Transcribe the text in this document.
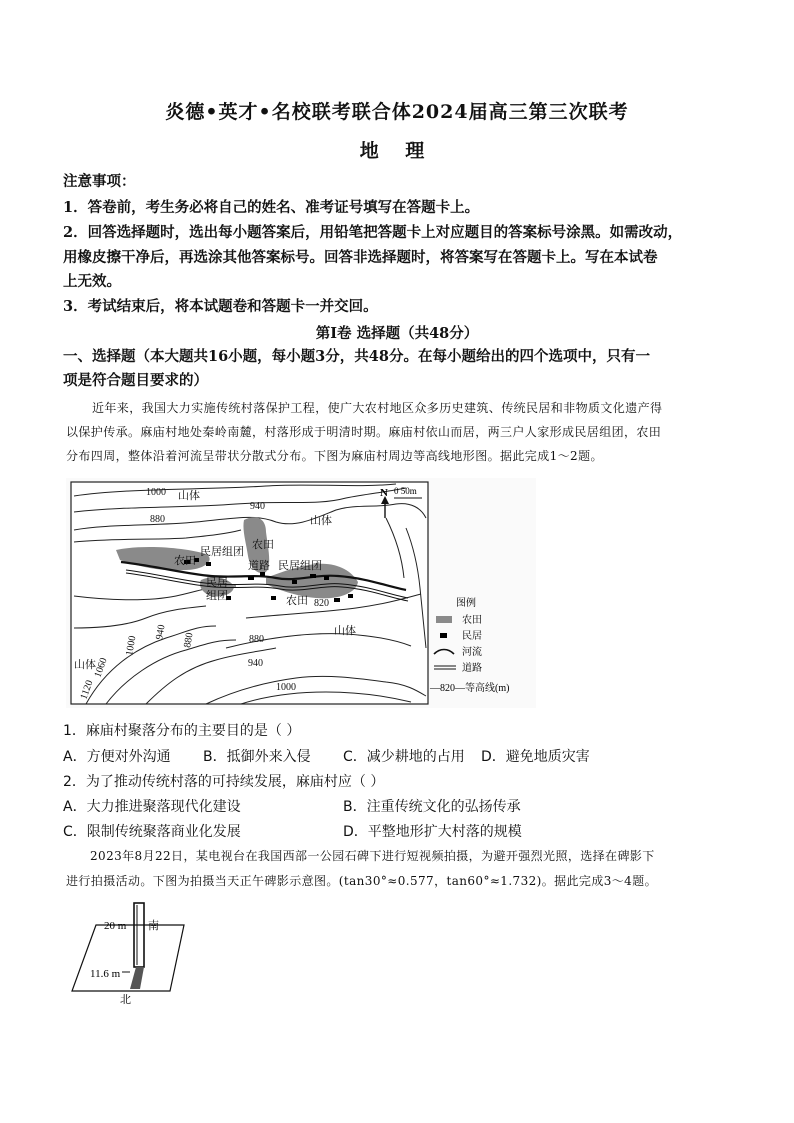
炎德•英才•名校联考联合体2024届高三第三次联考
地 理
注意事项：
1．答卷前，考生务必将自己的姓名、准考证号填写在答题卡上。
2．回答选择题时，选出每小题答案后，用铅笔把答题卡上对应题目的答案标号涂黑。如需改动，
用橡皮擦干净后，再选涂其他答案标号。回答非选择题时，将答案写在答题卡上。写在本试卷
上无效。
3．考试结束后，将本试题卷和答题卡一并交回。
第Ⅰ卷 选择题（共48分）
一、选择题（本大题共16小题，每小题3分，共48分。在每小题给出的四个选项中，只有一
项是符合题目要求的）
近年来，我国大力实施传统村落保护工程，使广大农村地区众多历史建筑、传统民居和非物质文化遗产得
以保护传承。麻庙村地处秦岭南麓，村落形成于明清时期。麻庙村依山而居，两三户人家形成民居组团，农田
分布四周，整体沿着河流呈带状分散式分布。下图为麻庙村周边等高线地形图。据此完成1～2题。
1000 山体
940
山体
880
农田
民居组团
农田	道路 民居组团
民居
组团	农田 820
山体
880
940
1000
1000
940 880
1060
1120
山体
N 0 50m
图例
农田
民居
河流
道路
—820—等高线(m)
1．麻庙村聚落分布的主要目的是（ ）
A．方便对外沟通 B．抵御外来入侵 C．减少耕地的占用 D．避免地质灾害
2．为了推动传统村落的可持续发展，麻庙村应（ ）
A．大力推进聚落现代化建设	B．注重传统文化的弘扬传承
C．限制传统聚落商业化发展	D．平整地形扩大村落的规模
2023年8月22日，某电视台在我国西部一公园石碑下进行短视频拍摄，为避开强烈光照，选择在碑影下
进行拍摄活动。下图为拍摄当天正午碑影示意图。(tan30°≈0.577，tan60°≈1.732)。据此完成3～4题。
20 m 南
11.6 m
北
